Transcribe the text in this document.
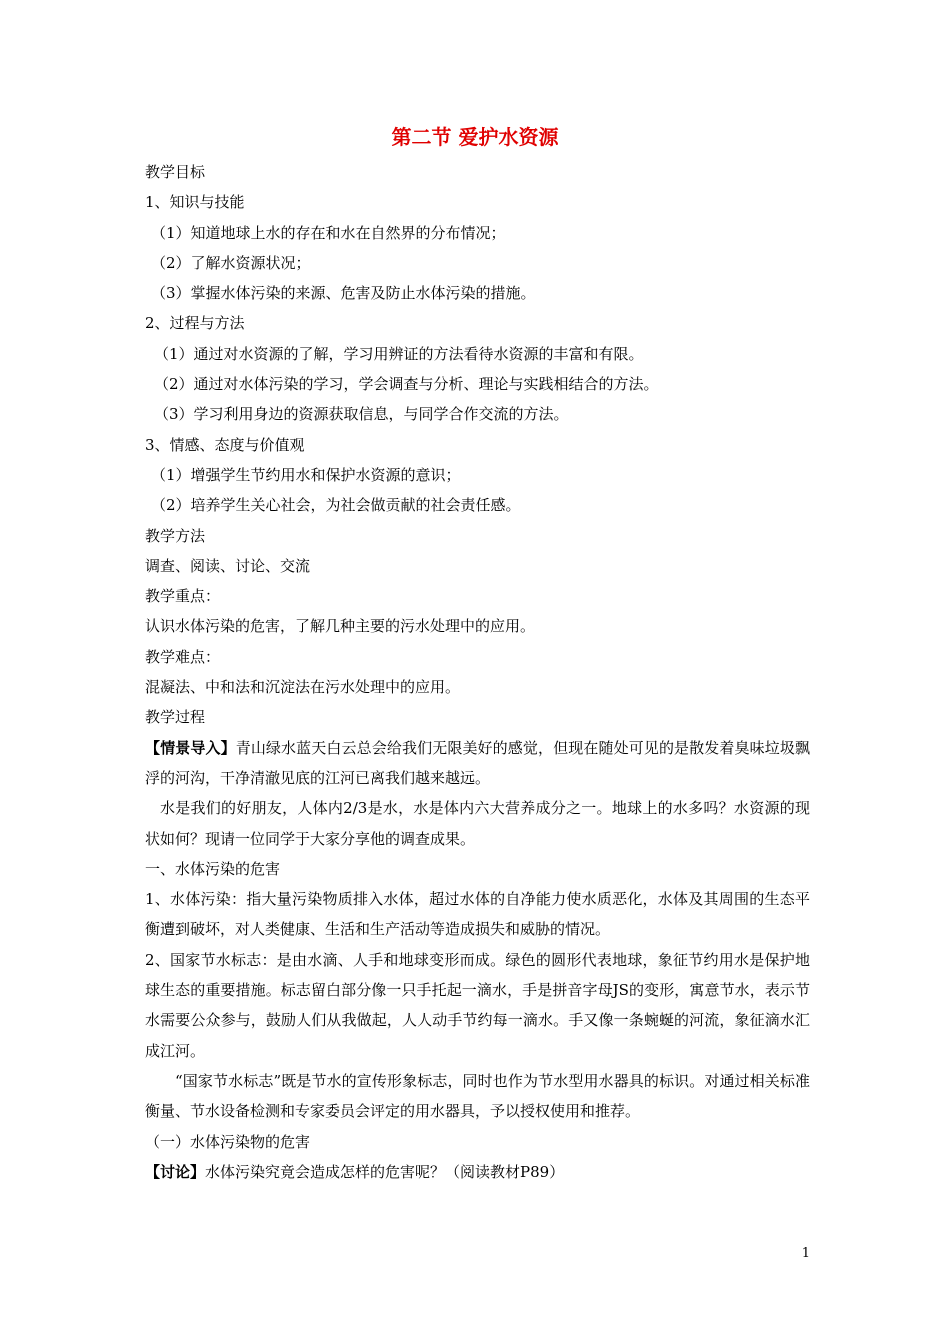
第二节 爱护水资源

教学目标

1、知识与技能

（1）知道地球上水的存在和水在自然界的分布情况；

（2）了解水资源状况；

（3）掌握水体污染的来源、危害及防止水体污染的措施。

2、过程与方法

（1）通过对水资源的了解，学习用辨证的方法看待水资源的丰富和有限。

（2）通过对水体污染的学习，学会调查与分析、理论与实践相结合的方法。

（3）学习利用身边的资源获取信息，与同学合作交流的方法。

3、情感、态度与价值观

（1）增强学生节约用水和保护水资源的意识；

（2）培养学生关心社会，为社会做贡献的社会责任感。

教学方法

调查、阅读、讨论、交流

教学重点：

认识水体污染的危害，了解几种主要的污水处理中的应用。

教学难点：

混凝法、中和法和沉淀法在污水处理中的应用。

教学过程

【情景导入】青山绿水蓝天白云总会给我们无限美好的感觉，但现在随处可见的是散发着臭味垃圾飘浮的河沟，干净清澈见底的江河已离我们越来越远。

水是我们的好朋友，人体内2/3是水，水是体内六大营养成分之一。地球上的水多吗？水资源的现状如何？现请一位同学于大家分享他的调查成果。

一、水体污染的危害

1、水体污染：指大量污染物质排入水体，超过水体的自净能力使水质恶化，水体及其周围的生态平衡遭到破坏，对人类健康、生活和生产活动等造成损失和威胁的情况。

2、国家节水标志：是由水滴、人手和地球变形而成。绿色的圆形代表地球，象征节约用水是保护地球生态的重要措施。标志留白部分像一只手托起一滴水，手是拼音字母JS的变形，寓意节水，表示节水需要公众参与，鼓励人们从我做起，人人动手节约每一滴水。手又像一条蜿蜒的河流，象征滴水汇成江河。

“国家节水标志”既是节水的宣传形象标志，同时也作为节水型用水器具的标识。对通过相关标准衡量、节水设备检测和专家委员会评定的用水器具，予以授权使用和推荐。

（一）水体污染物的危害

【讨论】水体污染究竟会造成怎样的危害呢？（阅读教材P89）

1
